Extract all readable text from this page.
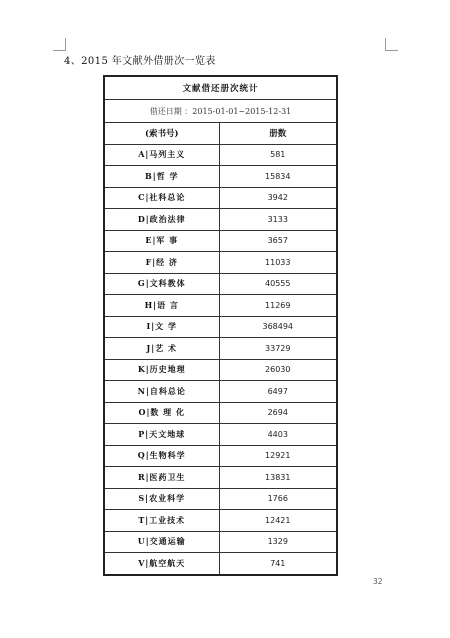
4、2015 年文献外借册次一览表
文献借还册次统计	
借还日期 ：2015-01-01~2015-12-31	
(索书号)	册数
A|马列主义	581
B|哲 学	15834
C|社科总论	3942
D|政治法律	3133
E|军 事	3657
F|经 济	11033
G|文科教体	40555
H|语 言	11269
I|文 学	368494
J|艺 术	33729
K|历史地理	26030
N|自科总论	6497
O|数 理 化	2694
P|天文地球	4403
Q|生物科学	12921
R|医药卫生	13831
S|农业科学	1766
T|工业技术	12421
U|交通运输	1329
V|航空航天	741
32
